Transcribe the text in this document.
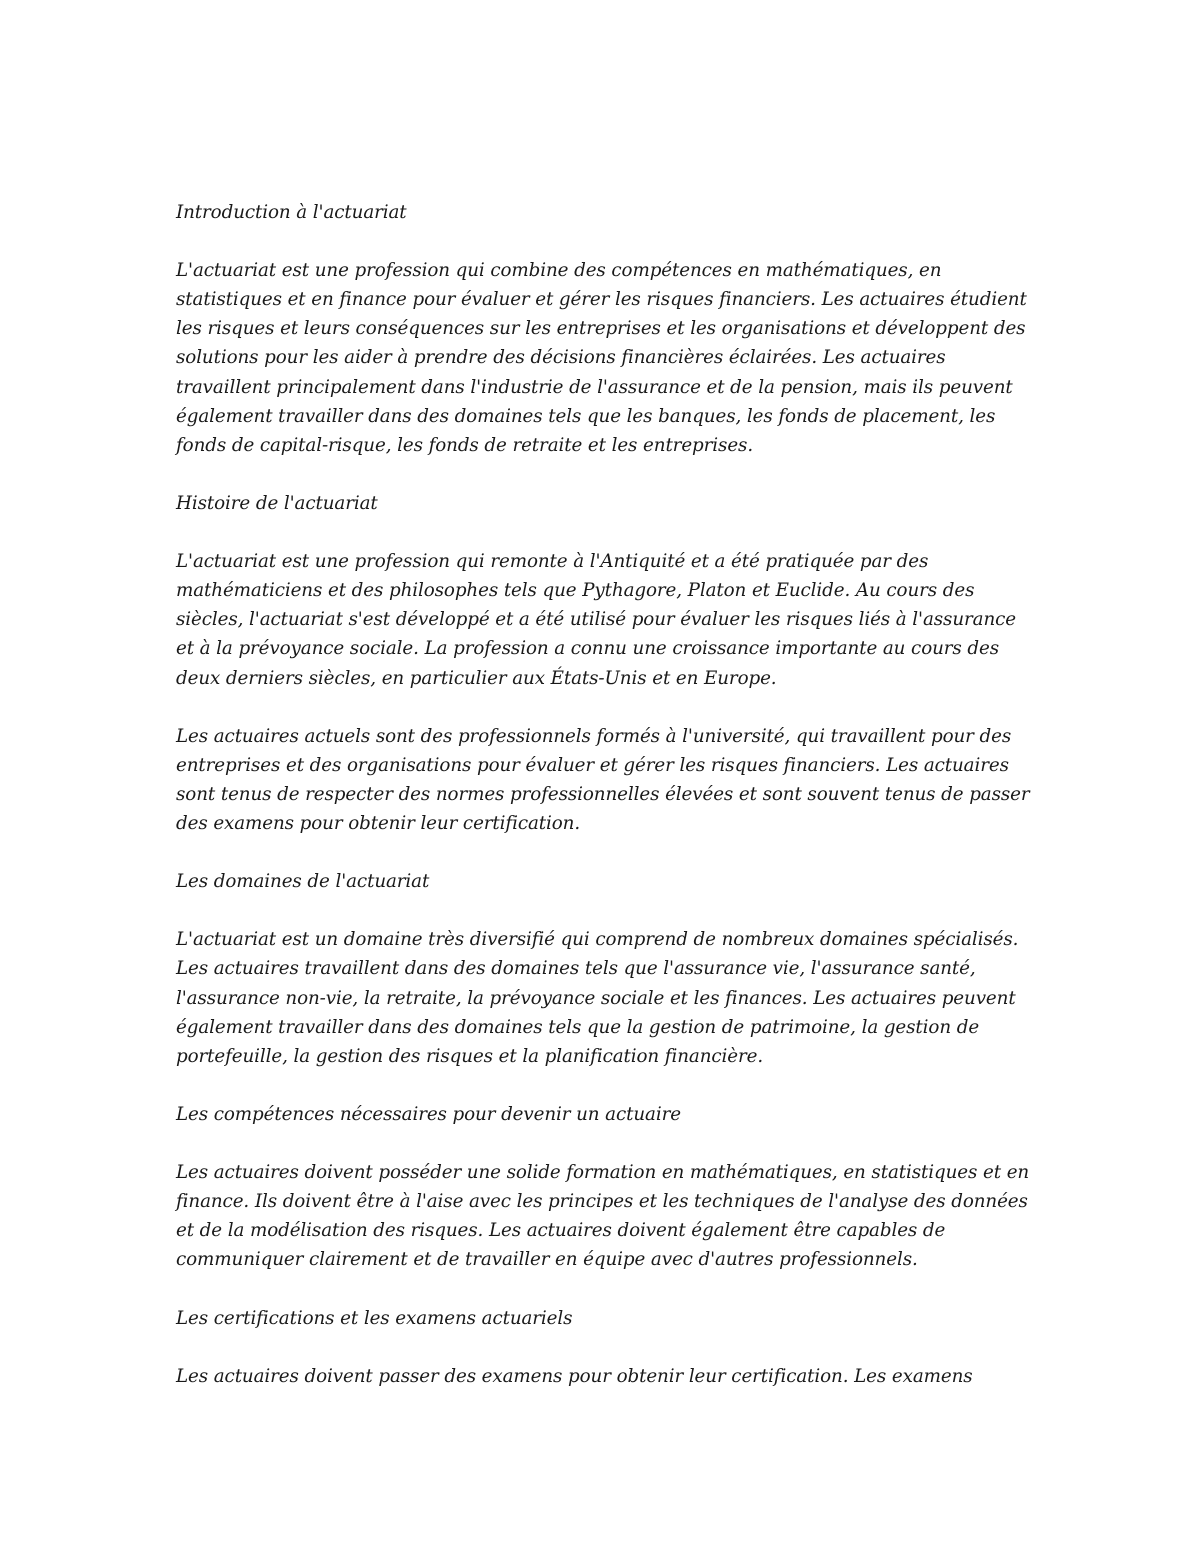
Introduction à l'actuariat

L'actuariat est une profession qui combine des compétences en mathématiques, en statistiques et en finance pour évaluer et gérer les risques financiers. Les actuaires étudient les risques et leurs conséquences sur les entreprises et les organisations et développent des solutions pour les aider à prendre des décisions financières éclairées. Les actuaires travaillent principalement dans l'industrie de l'assurance et de la pension, mais ils peuvent également travailler dans des domaines tels que les banques, les fonds de placement, les fonds de capital-risque, les fonds de retraite et les entreprises.

Histoire de l'actuariat

L'actuariat est une profession qui remonte à l'Antiquité et a été pratiquée par des mathématiciens et des philosophes tels que Pythagore, Platon et Euclide. Au cours des siècles, l'actuariat s'est développé et a été utilisé pour évaluer les risques liés à l'assurance et à la prévoyance sociale. La profession a connu une croissance importante au cours des deux derniers siècles, en particulier aux États-Unis et en Europe.

Les actuaires actuels sont des professionnels formés à l'université, qui travaillent pour des entreprises et des organisations pour évaluer et gérer les risques financiers. Les actuaires sont tenus de respecter des normes professionnelles élevées et sont souvent tenus de passer des examens pour obtenir leur certification.

Les domaines de l'actuariat

L'actuariat est un domaine très diversifié qui comprend de nombreux domaines spécialisés. Les actuaires travaillent dans des domaines tels que l'assurance vie, l'assurance santé, l'assurance non-vie, la retraite, la prévoyance sociale et les finances. Les actuaires peuvent également travailler dans des domaines tels que la gestion de patrimoine, la gestion de portefeuille, la gestion des risques et la planification financière.

Les compétences nécessaires pour devenir un actuaire

Les actuaires doivent posséder une solide formation en mathématiques, en statistiques et en finance. Ils doivent être à l'aise avec les principes et les techniques de l'analyse des données et de la modélisation des risques. Les actuaires doivent également être capables de communiquer clairement et de travailler en équipe avec d'autres professionnels.

Les certifications et les examens actuariels

Les actuaires doivent passer des examens pour obtenir leur certification. Les examens
